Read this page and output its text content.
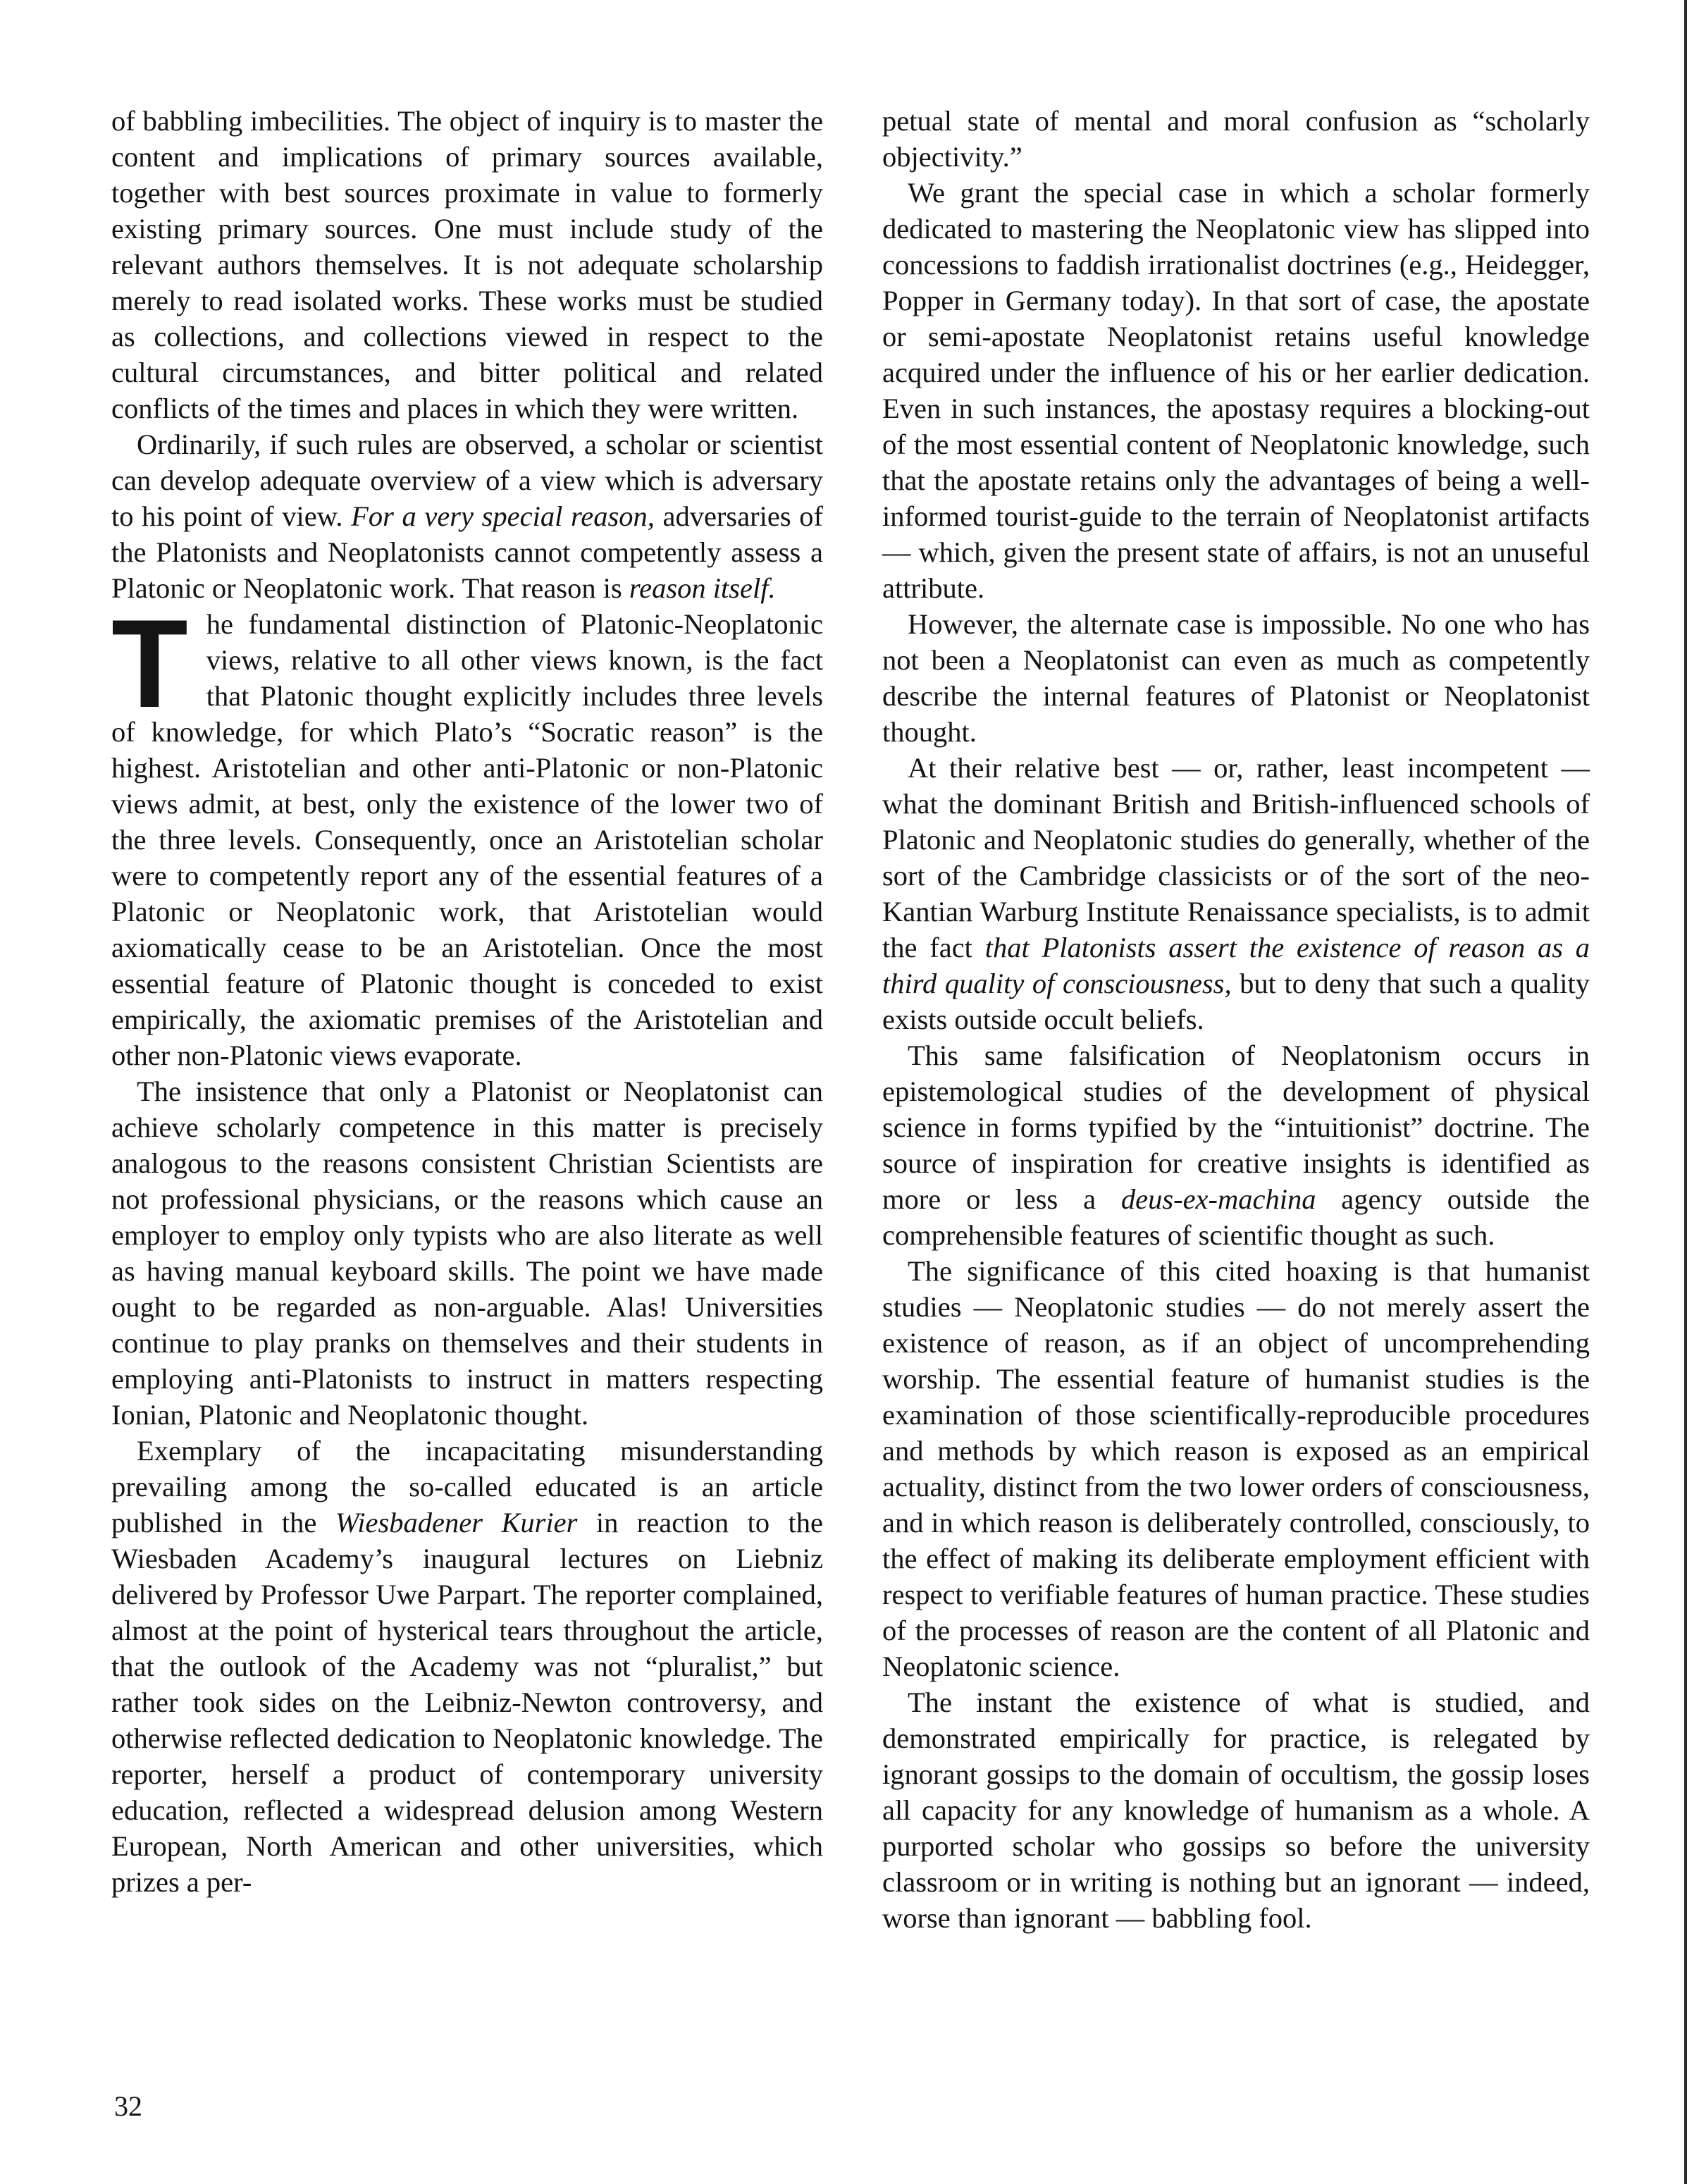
of babbling imbecilities. The object of inquiry is to master the content and implications of primary sources available, together with best sources proximate in value to formerly existing primary sources. One must include study of the relevant authors themselves. It is not adequate scholarship merely to read isolated works. These works must be studied as collections, and collections viewed in respect to the cultural circumstances, and bitter political and related conflicts of the times and places in which they were written.

Ordinarily, if such rules are observed, a scholar or scientist can develop adequate overview of a view which is adversary to his point of view. For a very special reason, adversaries of the Platonists and Neoplatonists cannot competently assess a Platonic or Neoplatonic work. That reason is reason itself.

The fundamental distinction of Platonic-Neoplatonic views, relative to all other views known, is the fact that Platonic thought explicitly includes three levels of knowledge, for which Plato’s “Socratic reason” is the highest. Aristotelian and other anti-Platonic or non-Platonic views admit, at best, only the existence of the lower two of the three levels. Consequently, once an Aristotelian scholar were to competently report any of the essential features of a Platonic or Neoplatonic work, that Aristotelian would axiomatically cease to be an Aristotelian. Once the most essential feature of Platonic thought is conceded to exist empirically, the axiomatic premises of the Aristotelian and other non-Platonic views evaporate.

The insistence that only a Platonist or Neoplatonist can achieve scholarly competence in this matter is precisely analogous to the reasons consistent Christian Scientists are not professional physicians, or the reasons which cause an employer to employ only typists who are also literate as well as having manual keyboard skills. The point we have made ought to be regarded as non-arguable. Alas! Universities continue to play pranks on themselves and their students in employing anti-Platonists to instruct in matters respecting Ionian, Platonic and Neoplatonic thought.

Exemplary of the incapacitating misunderstanding prevailing among the so-called educated is an article published in the Wiesbadener Kurier in reaction to the Wiesbaden Academy’s inaugural lectures on Liebniz delivered by Professor Uwe Parpart. The reporter complained, almost at the point of hysterical tears throughout the article, that the outlook of the Academy was not “pluralist,” but rather took sides on the Leibniz-Newton controversy, and otherwise reflected dedication to Neoplatonic knowledge. The reporter, herself a product of contemporary university education, reflected a widespread delusion among Western European, North American and other universities, which prizes a per-

petual state of mental and moral confusion as “scholarly objectivity.”

We grant the special case in which a scholar formerly dedicated to mastering the Neoplatonic view has slipped into concessions to faddish irrationalist doctrines (e.g., Heidegger, Popper in Germany today). In that sort of case, the apostate or semi-apostate Neoplatonist retains useful knowledge acquired under the influence of his or her earlier dedication. Even in such instances, the apostasy requires a blocking-out of the most essential content of Neoplatonic knowledge, such that the apostate retains only the advantages of being a well-informed tourist-guide to the terrain of Neoplatonist artifacts — which, given the present state of affairs, is not an unuseful attribute.

However, the alternate case is impossible. No one who has not been a Neoplatonist can even as much as competently describe the internal features of Platonist or Neoplatonist thought.

At their relative best — or, rather, least incompetent — what the dominant British and British-influenced schools of Platonic and Neoplatonic studies do generally, whether of the sort of the Cambridge classicists or of the sort of the neo-Kantian Warburg Institute Renaissance specialists, is to admit the fact that Platonists assert the existence of reason as a third quality of consciousness, but to deny that such a quality exists outside occult beliefs.

This same falsification of Neoplatonism occurs in epistemological studies of the development of physical science in forms typified by the “intuitionist” doctrine. The source of inspiration for creative insights is identified as more or less a deus-ex-machina agency outside the comprehensible features of scientific thought as such.

The significance of this cited hoaxing is that humanist studies — Neoplatonic studies — do not merely assert the existence of reason, as if an object of uncomprehending worship. The essential feature of humanist studies is the examination of those scientifically-reproducible procedures and methods by which reason is exposed as an empirical actuality, distinct from the two lower orders of consciousness, and in which reason is deliberately controlled, consciously, to the effect of making its deliberate employment efficient with respect to verifiable features of human practice. These studies of the processes of reason are the content of all Platonic and Neoplatonic science.

The instant the existence of what is studied, and demonstrated empirically for practice, is relegated by ignorant gossips to the domain of occultism, the gossip loses all capacity for any knowledge of humanism as a whole. A purported scholar who gossips so before the university classroom or in writing is nothing but an ignorant — indeed, worse than ignorant — babbling fool.

32
